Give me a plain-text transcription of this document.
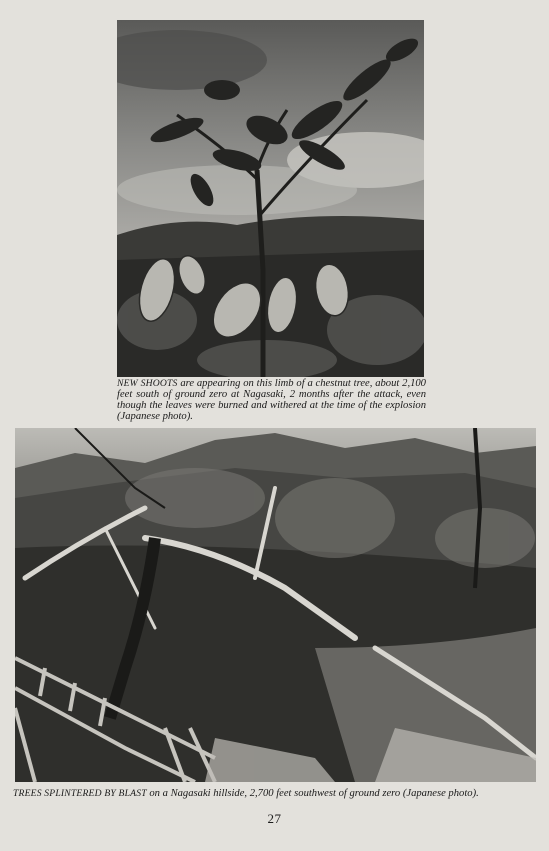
NEW SHOOTS are appearing on this limb of a chestnut tree, about 2,100 feet south of ground zero at Nagasaki, 2 months after the attack, even though the leaves were burned and withered at the time of the explosion (Japanese photo).
TREES SPLINTERED BY BLAST on a Nagasaki hillside, 2,700 feet southwest of ground zero (Japanese photo).
27
